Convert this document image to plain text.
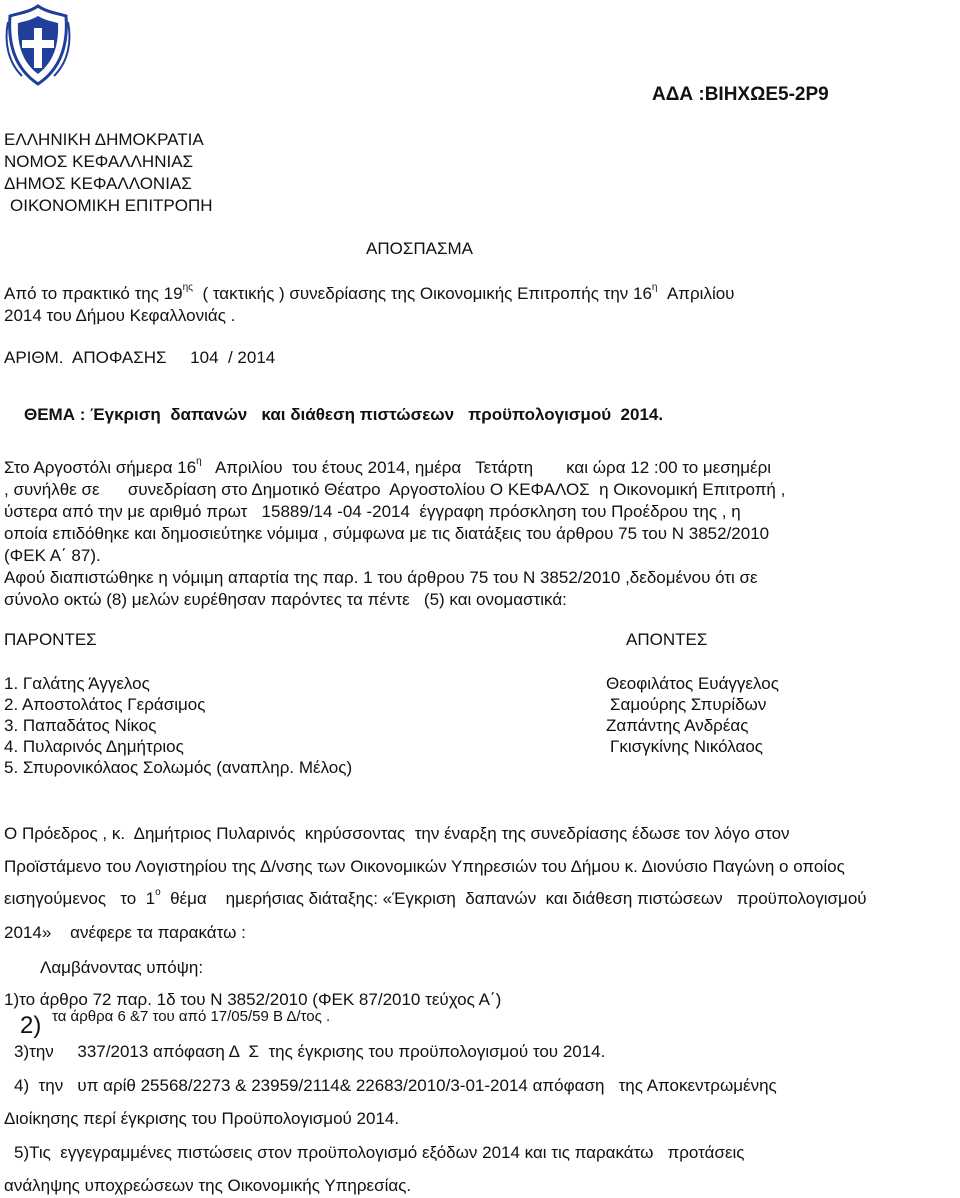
ΑΔΑ :ΒΙΗΧΩΕ5-2Ρ9
ΕΛΛΗΝΙΚΗ ΔΗΜΟΚΡΑΤΙΑ
ΝΟΜΟΣ ΚΕΦΑΛΛΗΝΙΑΣ
ΔΗΜΟΣ ΚΕΦΑΛΛΟΝΙΑΣ
ΟΙΚΟΝΟΜΙΚΗ ΕΠΙΤΡΟΠΗ
ΑΠΟΣΠΑΣΜΑ
Από το πρακτικό της $19^{\eta\varsigma}$ ( τακτικής ) συνεδρίασης της Οικονομικής Επιτροπής την $16^\eta$ Απριλίου
2014 του Δήμου Κεφαλλονιάς .
ΑΡΙΘΜ.  ΑΠΟΦΑΣΗΣ     104  / 2014
ΘΕΜΑ : Έγκριση  δαπανών   και διάθεση πιστώσεων   προϋπολογισμού  2014.
Στο Αργοστόλι σήμερα $16^\eta$ Απριλίου  του έτους 2014, ημέρα   Τετάρτη       και ώρα 12 :00 το μεσημέρι
, συνήλθε σε      συνεδρίαση στο Δημοτικό Θέατρο  Αργοστολίου Ο ΚΕΦΑΛΟΣ  η Οικονομική Επιτροπή ,
ύστερα από την με αριθμό πρωτ   15889/14 -04 -2014  έγγραφη πρόσκληση του Προέδρου της , η
οποία επιδόθηκε και δημοσιεύτηκε νόμιμα , σύμφωνα με τις διατάξεις του άρθρου 75 του Ν 3852/2010
(ΦΕΚ Α΄ 87).
Αφού διαπιστώθηκε η νόμιμη απαρτία της παρ. 1 του άρθρου 75 του Ν 3852/2010 ,δεδομένου ότι σε
σύνολο οκτώ (8) μελών ευρέθησαν παρόντες τα πέντε   (5) και ονομαστικά:
ΠΑΡΟΝΤΕΣ	ΑΠΟΝΤΕΣ
1. Γαλάτης Άγγελος
2. Αποστολάτος Γεράσιμος
3. Παπαδάτος Νίκος
4. Πυλαρινός Δημήτριος
5. Σπυρονικόλαος Σολωμός (αναπληρ. Μέλος)
Θεοφιλάτος Ευάγγελος
Σαμούρης Σπυρίδων
Ζαπάντης Ανδρέας
Γκισγκίνης Νικόλαος
Ο Πρόεδρος , κ.  Δημήτριος Πυλαρινός  κηρύσσοντας  την έναρξη της συνεδρίασης έδωσε τον λόγο στον
Προϊστάμενο του Λογιστηρίου της Δ/νσης των Οικονομικών Υπηρεσιών του Δήμου κ. Διονύσιο Παγώνη ο οποίος
εισηγούμενος   το  $1^o$ θέμα    ημερήσιας διάταξης: «Έγκριση  δαπανών  και διάθεση πιστώσεων   προϋπολογισμού
2014»    ανέφερε τα παρακάτω :
Λαμβάνοντας υπόψη:
1)το άρθρο 72 παρ. 1δ του Ν 3852/2010 (ΦΕΚ 87/2010 τεύχος Α΄)
2) τα άρθρα 6 &7 του από 17/05/59 Β Δ/τος .
3)την     337/2013 απόφαση Δ  Σ  της έγκρισης του προϋπολογισμού του 2014.
4)  την   υπ αρίθ 25568/2273 & 23959/2114& 22683/2010/3-01-2014 απόφαση   της Αποκεντρωμένης
Διοίκησης περί έγκρισης του Προϋπολογισμού 2014.
5)Τις  εγγεγραμμένες πιστώσεις στον προϋπολογισμό εξόδων 2014 και τις παρακάτω   προτάσεις
ανάληψης υποχρεώσεων της Οικονομικής Υπηρεσίας.
